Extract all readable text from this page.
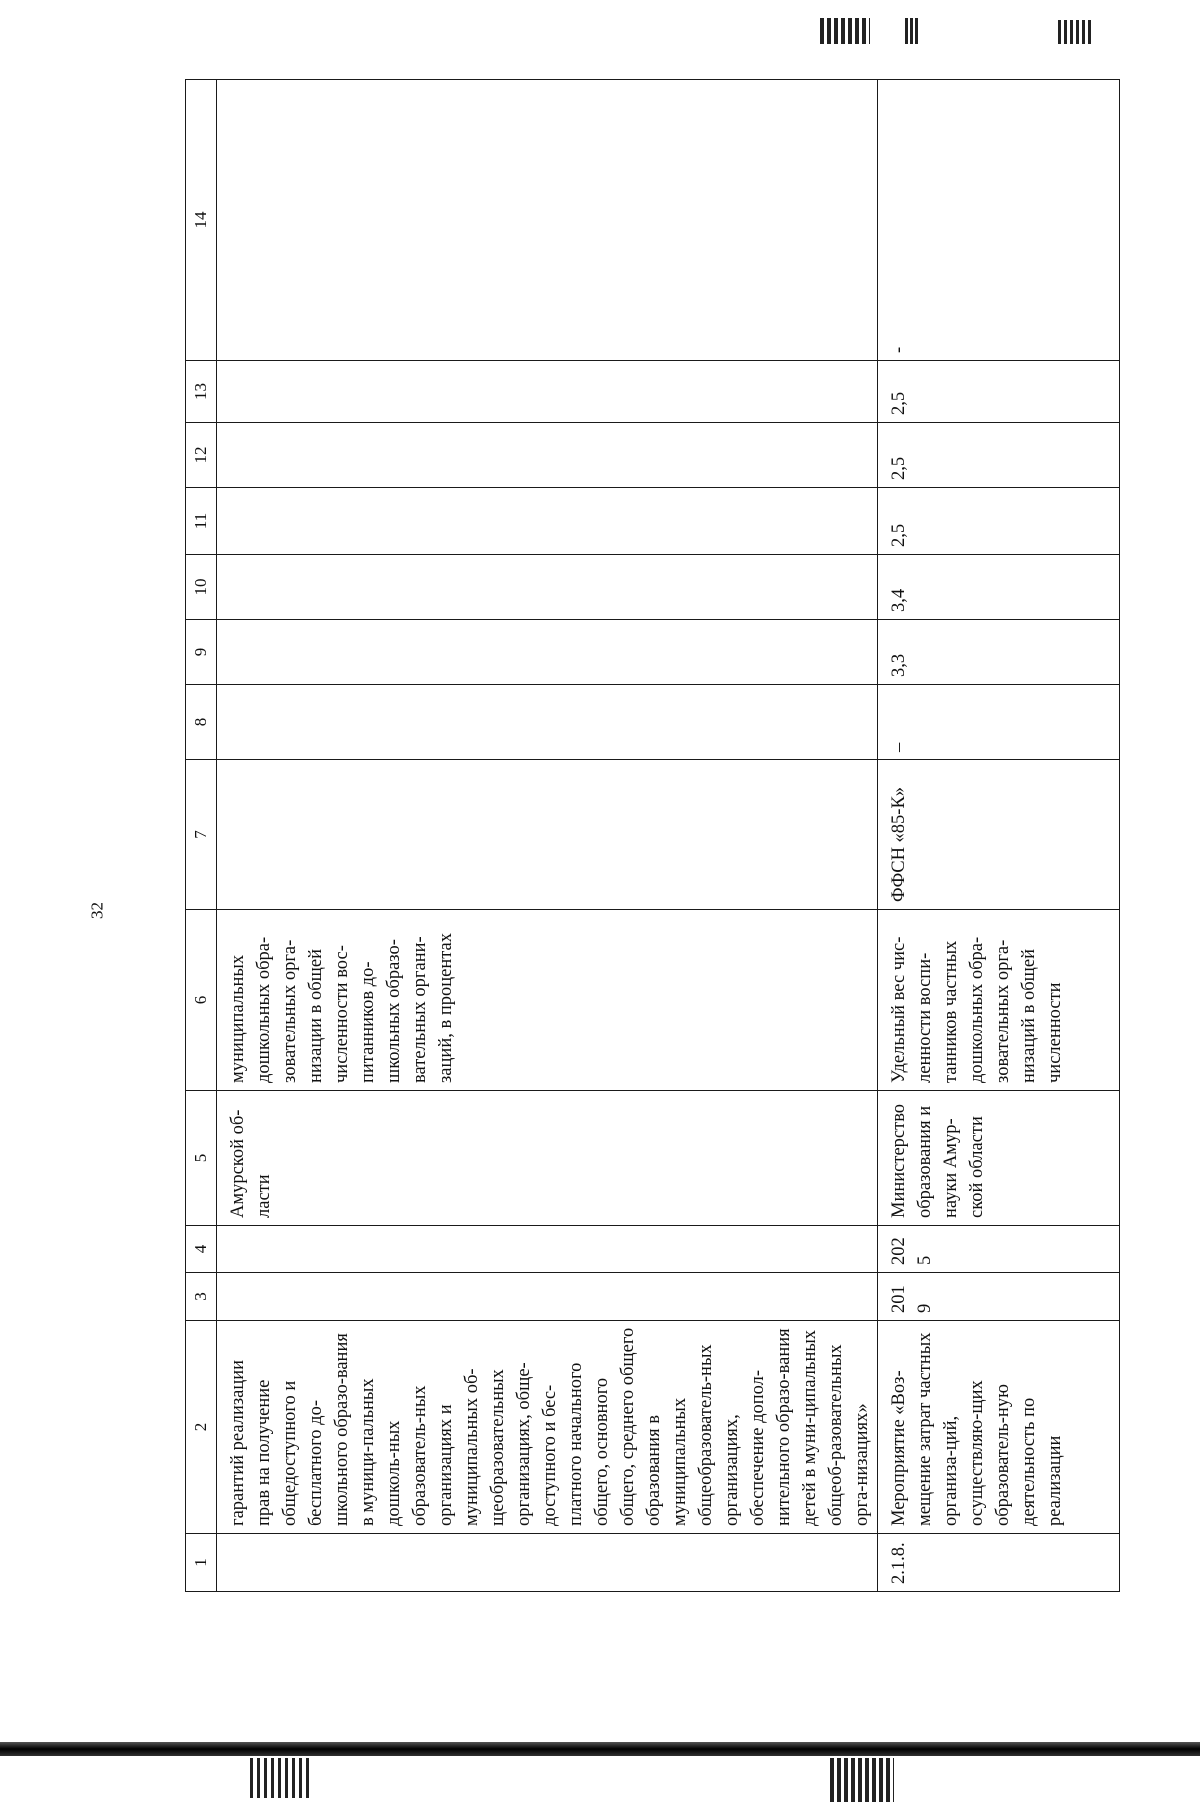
32
1	2	3	4	5	6	7	8	9	10	11	12	13	14
	гарантий реализации прав на получение общедоступного и бесплатного до-школьного образо-вания в муници-пальных дошколь-ных образователь-ных организациях и муниципальных об-щеобразовательных организациях, обще-доступного и бес-платного начального общего, основного общего, среднего общего образования в муниципальных общеобразователь-ных организациях, обеспечение допол-нительного образо-вания детей в муни-ципальных общеоб-разовательных орга-низациях»			Амурской об-ласти	муниципальных дошкольных обра-зовательных орга-низации в общей численности вос-питанников до-школьных образо-вательных органи-заций, в процентах								
2.1.8.	Мероприятие «Воз-мещение затрат частных организа-ций, осуществляю-щих образователь-ную деятельность по реализации	2019	2025	Министерство образования и науки Амур-ской области	Удельный вес чис-ленности воспи-танников частных дошкольных обра-зовательных орга-низаций в общей численности	ФФСН «85-К»	–	3,3	3,4	2,5	2,5	2,5	-
